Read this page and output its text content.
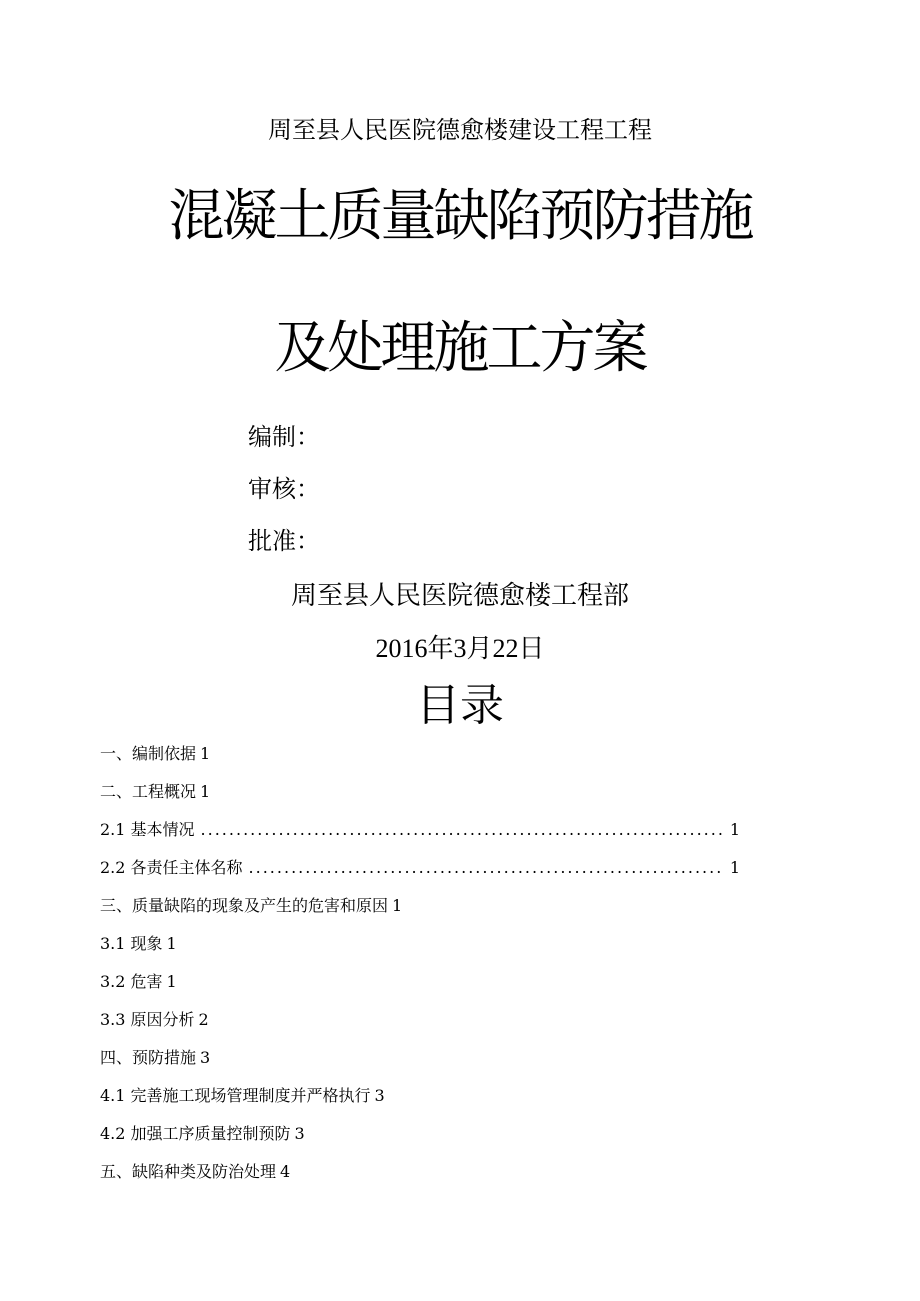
周至县人民医院德愈楼建设工程工程
混凝土质量缺陷预防措施
及处理施工方案
编制：
审核：
批准：
周至县人民医院德愈楼工程部
2016年3月22日
目录
一、编制依据 1
二、工程概况 1
2.1 基本情况 .....	1
2.2 各责任主体名称 .....	1
三、质量缺陷的现象及产生的危害和原因 1
3.1 现象 1
3.2 危害 1
3.3 原因分析 2
四、预防措施 3
4.1 完善施工现场管理制度并严格执行 3
4.2 加强工序质量控制预防 3
五、缺陷种类及防治处理 4
